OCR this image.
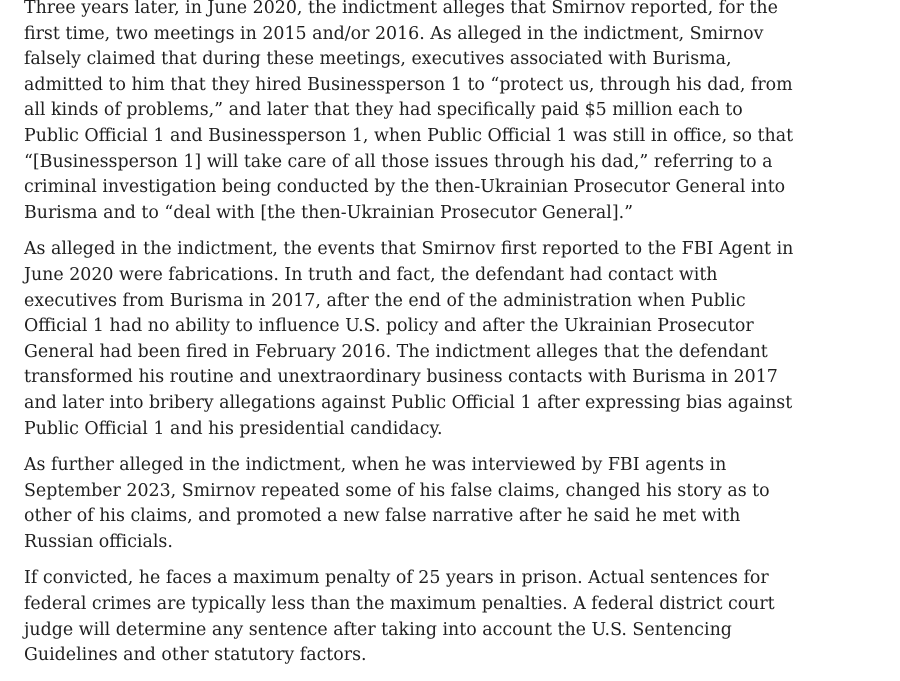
Three years later, in June 2020, the indictment alleges that Smirnov reported, for the
first time, two meetings in 2015 and/or 2016. As alleged in the indictment, Smirnov
falsely claimed that during these meetings, executives associated with Burisma,
admitted to him that they hired Businessperson 1 to “protect us, through his dad, from
all kinds of problems,” and later that they had specifically paid $5 million each to
Public Official 1 and Businessperson 1, when Public Official 1 was still in office, so that
“[Businessperson 1] will take care of all those issues through his dad,” referring to a
criminal investigation being conducted by the then-Ukrainian Prosecutor General into
Burisma and to “deal with [the then-Ukrainian Prosecutor General].”

As alleged in the indictment, the events that Smirnov first reported to the FBI Agent in
June 2020 were fabrications. In truth and fact, the defendant had contact with
executives from Burisma in 2017, after the end of the administration when Public
Official 1 had no ability to influence U.S. policy and after the Ukrainian Prosecutor
General had been fired in February 2016. The indictment alleges that the defendant
transformed his routine and unextraordinary business contacts with Burisma in 2017
and later into bribery allegations against Public Official 1 after expressing bias against
Public Official 1 and his presidential candidacy.

As further alleged in the indictment, when he was interviewed by FBI agents in
September 2023, Smirnov repeated some of his false claims, changed his story as to
other of his claims, and promoted a new false narrative after he said he met with
Russian officials.

If convicted, he faces a maximum penalty of 25 years in prison. Actual sentences for
federal crimes are typically less than the maximum penalties. A federal district court
judge will determine any sentence after taking into account the U.S. Sentencing
Guidelines and other statutory factors.
